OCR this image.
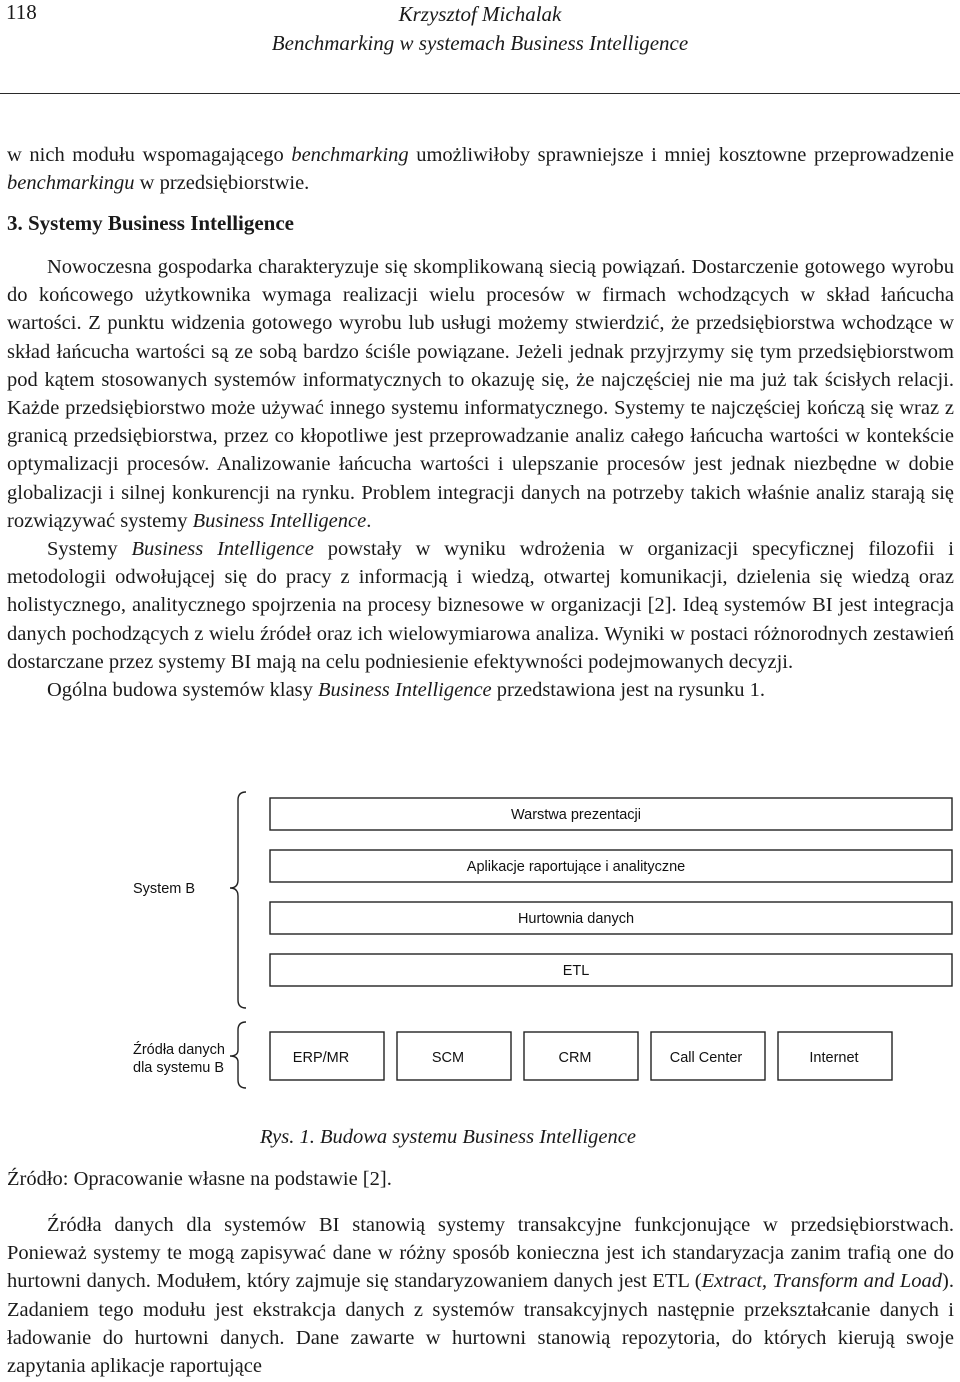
118	Krzysztof Michalak
Benchmarking w systemach Business Intelligence

w nich modułu wspomagającego benchmarking umożliwiłoby sprawniejsze i mniej kosztowne przeprowadzenie benchmarkingu w przedsiębiorstwie.

3. Systemy Business Intelligence

Nowoczesna gospodarka charakteryzuje się skomplikowaną siecią powiązań. Dostarczenie gotowego wyrobu do końcowego użytkownika wymaga realizacji wielu procesów w firmach wchodzących w skład łańcucha wartości. Z punktu widzenia gotowego wyrobu lub usługi możemy stwierdzić, że przedsiębiorstwa wchodzące w skład łańcucha wartości są ze sobą bardzo ściśle powiązane. Jeżeli jednak przyjrzymy się tym przedsiębiorstwom pod kątem stosowanych systemów informatycznych to okazuję się, że najczęściej nie ma już tak ścisłych relacji. Każde przedsiębiorstwo może używać innego systemu informatycznego. Systemy te najczęściej kończą się wraz z granicą przedsiębiorstwa, przez co kłopotliwe jest przeprowadzanie analiz całego łańcucha wartości w kontekście optymalizacji procesów. Analizowanie łańcucha wartości i ulepszanie procesów jest jednak niezbędne w dobie globalizacji i silnej konkurencji na rynku. Problem integracji danych na potrzeby takich właśnie analiz starają się rozwiązywać systemy Business Intelligence.

Systemy Business Intelligence powstały w wyniku wdrożenia w organizacji specyficznej filozofii i metodologii odwołującej się do pracy z informacją i wiedzą, otwartej komunikacji, dzielenia się wiedzą oraz holistycznego, analitycznego spojrzenia na procesy biznesowe w organizacji [2]. Ideą systemów BI jest integracja danych pochodzących z wielu źródeł oraz ich wielowymiarowa analiza. Wyniki w postaci różnorodnych zestawień dostarczane przez systemy BI mają na celu podniesienie efektywności podejmowanych decyzji.

Ogólna budowa systemów klasy Business Intelligence przedstawiona jest na rysunku 1.

System B
Źródła danych
dla systemu B
Warstwa prezentacji
Aplikacje raportujące i analityczne
Hurtownia danych
ETL
ERP/MR	SCM	CRM	Call Center	Internet
Rys. 1. Budowa systemu Business Intelligence
Źródło: Opracowanie własne na podstawie [2].

Źródła danych dla systemów BI stanowią systemy transakcyjne funkcjonujące w przedsiębiorstwach. Ponieważ systemy te mogą zapisywać dane w różny sposób konieczna jest ich standaryzacja zanim trafią one do hurtowni danych. Modułem, który zajmuje się standaryzowaniem danych jest ETL (Extract, Transform and Load). Zadaniem tego modułu jest ekstrakcja danych z systemów transakcyjnych następnie przekształcanie danych i ładowanie do hurtowni danych. Dane zawarte w hurtowni stanowią repozytoria, do których kierują swoje zapytania aplikacje raportujące
